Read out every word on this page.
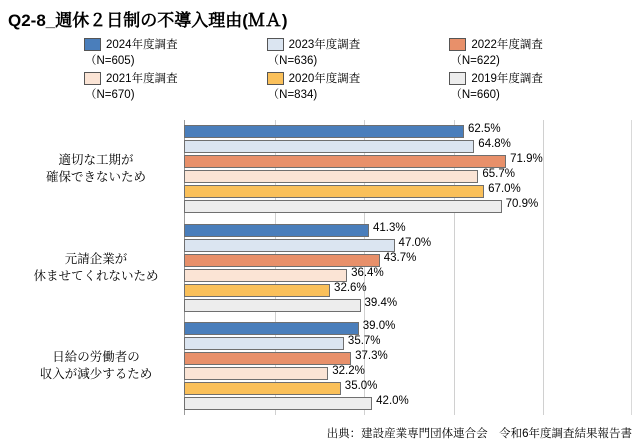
Q2-8_週休２日制の不導入理由(ＭＡ)
2024年度調査
（N=605)
2023年度調査
（N=636)
2022年度調査
（N=622)
2021年度調査
（N=670)
2020年度調査
（N=834)
2019年度調査
（N=660)
適切な工期が
確保できないため
元請企業が
休ませてくれないため
日給の労働者の
収入が減少するため
62.5%
64.8%
71.9%
65.7%
67.0%
70.9%
41.3%
47.0%
43.7%
36.4%
32.6%
39.4%
39.0%
35.7%
37.3%
32.2%
35.0%
42.0%
出典：建設産業専門団体連合会　令和6年度調査結果報告書
